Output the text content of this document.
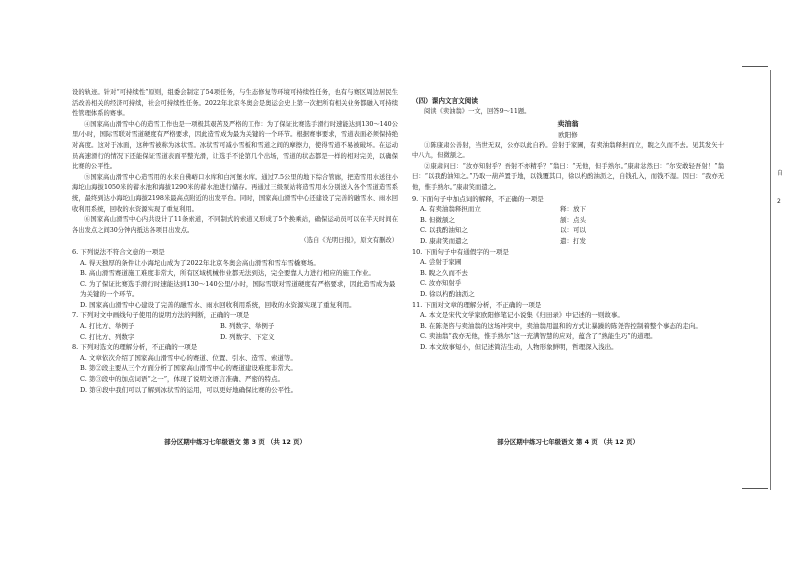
设的轨迹。针对“可持续性”原则，组委会制定了54项任务，与生态修复等环境可持续性任务，也有与赛区周边居民生活改善相关的经济可持续，社会可持续性任务。2022年北京冬奥会是奥运会史上第一次把所有相关业务都融入可持续性管理体系的赛事。

④国家高山滑雪中心的造雪工作也是一项极其艰苦及严格的工作：为了保证比赛选手滑行时速能达到130～140公里/小时，国际雪联对雪道硬度有严格要求，因此造雪成为最为关键的一个环节。根据赛事要求，雪道表面必须保持绝对高度。这对于冰面，这种雪被称为冰状雪。冰状雪可减小雪板和雪道之间的摩擦力，使得雪道不易被破坏。在运动员高速滑行的情况下还能保证雪道表面平整光滑，让选手不论第几个出场，雪道的状态都是一样的相对完美，以确保比赛的公平性。

⑤国家高山滑雪中心造雪用的水来自佛峪口水库和白河堡水库。通过7.5公里的地下综合管廊，把造雪用水送往小海坨山海拔1050米的蓄水池和海拔1290米的蓄水池进行储存。再通过三级泵站将造雪用水分别送入各个雪道造雪系统，最终到达小海坨山海拔2198米最高点附近的出发平台。同时，国家高山滑雪中心还建设了完善的融雪水、雨水回收利用系统，回收的水资源实现了重复利用。

⑥国家高山滑雪中心内共设计了11条索道，不同制式的索道又形成了5个换乘站，确保运动员可以在半天时间在各出发点之间30分钟内抵达各项目出发点。

（选自《光明日报》，原文有删改）

6. 下列说法不符合文意的一项是

A. 得天独厚的条件让小海坨山成为了2022年北京冬奥会高山滑雪和雪车雪橇赛场。

B. 高山滑雪赛道施工难度非常大，所有区域机械作业都无法到达，完全要靠人力进行相应的施工作业。

C. 为了保证比赛选手滑行时速能达到130～140公里/小时，国际雪联对雪道硬度有严格要求，因此造雪成为最为关键的一个环节。

D. 国家高山滑雪中心建设了完善的融雪水、雨水回收利用系统，回收的水资源实现了重复利用。

7. 下列对文中画线句子使用的说明方法的判断，正确的一项是

A. 打比方、举例子	B. 列数字、举例子
C. 打比方、列数字	D. 列数字、下定义

8. 下列对选文的理解分析，不正确的一项是

A. 文章依次介绍了国家高山滑雪中心的赛道、位置、引水、造雪、索道等。

B. 第②段主要从三个方面分析了国家高山滑雪中心的赛道建设难度非常大。

C. 第③段中的加点词语“之一”，体现了说明文语言准确、严密的特点。

D. 第④段中我们可以了解到冰状雪的运用，可以更好地确保比赛的公平性。

部分区期中练习七年级语文 第 3 页 （共 12 页）

（四）课内文言文阅读

阅读《卖油翁》一文，回答9～11题。

卖油翁

欧阳修

①陈康肃公善射，当世无双，公亦以此自矜。尝射于家圃，有卖油翁释担而立，睨之久而不去。见其发矢十中八九，但微颔之。

②康肃问曰：“汝亦知射乎？吾射不亦精乎？”翁曰：“无他，但手熟尔。”康肃忿然曰：“尔安敢轻吾射！”翁曰：“以我酌油知之。”乃取一葫芦置于地，以钱覆其口，徐以杓酌油沥之，自钱孔入，而钱不湿。因曰：“我亦无他，惟手熟尔。”康肃笑而遣之。

9. 下面句子中加点词的解释，不正确的一项是

A. 有卖油翁释担而立	释：放下
B. 但微颔之	颔：点头
C. 以我酌油知之	以：可以
D. 康肃笑而遣之	遣：打发

10. 下面句子中有通假字的一项是

A. 尝射于家圃

B. 睨之久而不去

C. 汝亦知射乎

D. 徐以杓酌油沥之

11. 下面对文章的理解分析，不正确的一项是

A. 本文是宋代文学家欧阳修笔记小说集《归田录》中记述的一则故事。

B. 在陈尧咨与卖油翁的这场冲突中，卖油翁用温和的方式让暴躁的陈尧咨控制着整个事态的走向。

C. 卖油翁“我亦无他，惟手熟尔”这一充满智慧的应对，蕴含了“熟能生巧”的道理。

D. 本文故事短小，但记述简洁生动，人物形象鲜明，哲理深入浅出。

部分区期中练习七年级语文 第 4 页 （共 12 页）
自
2
